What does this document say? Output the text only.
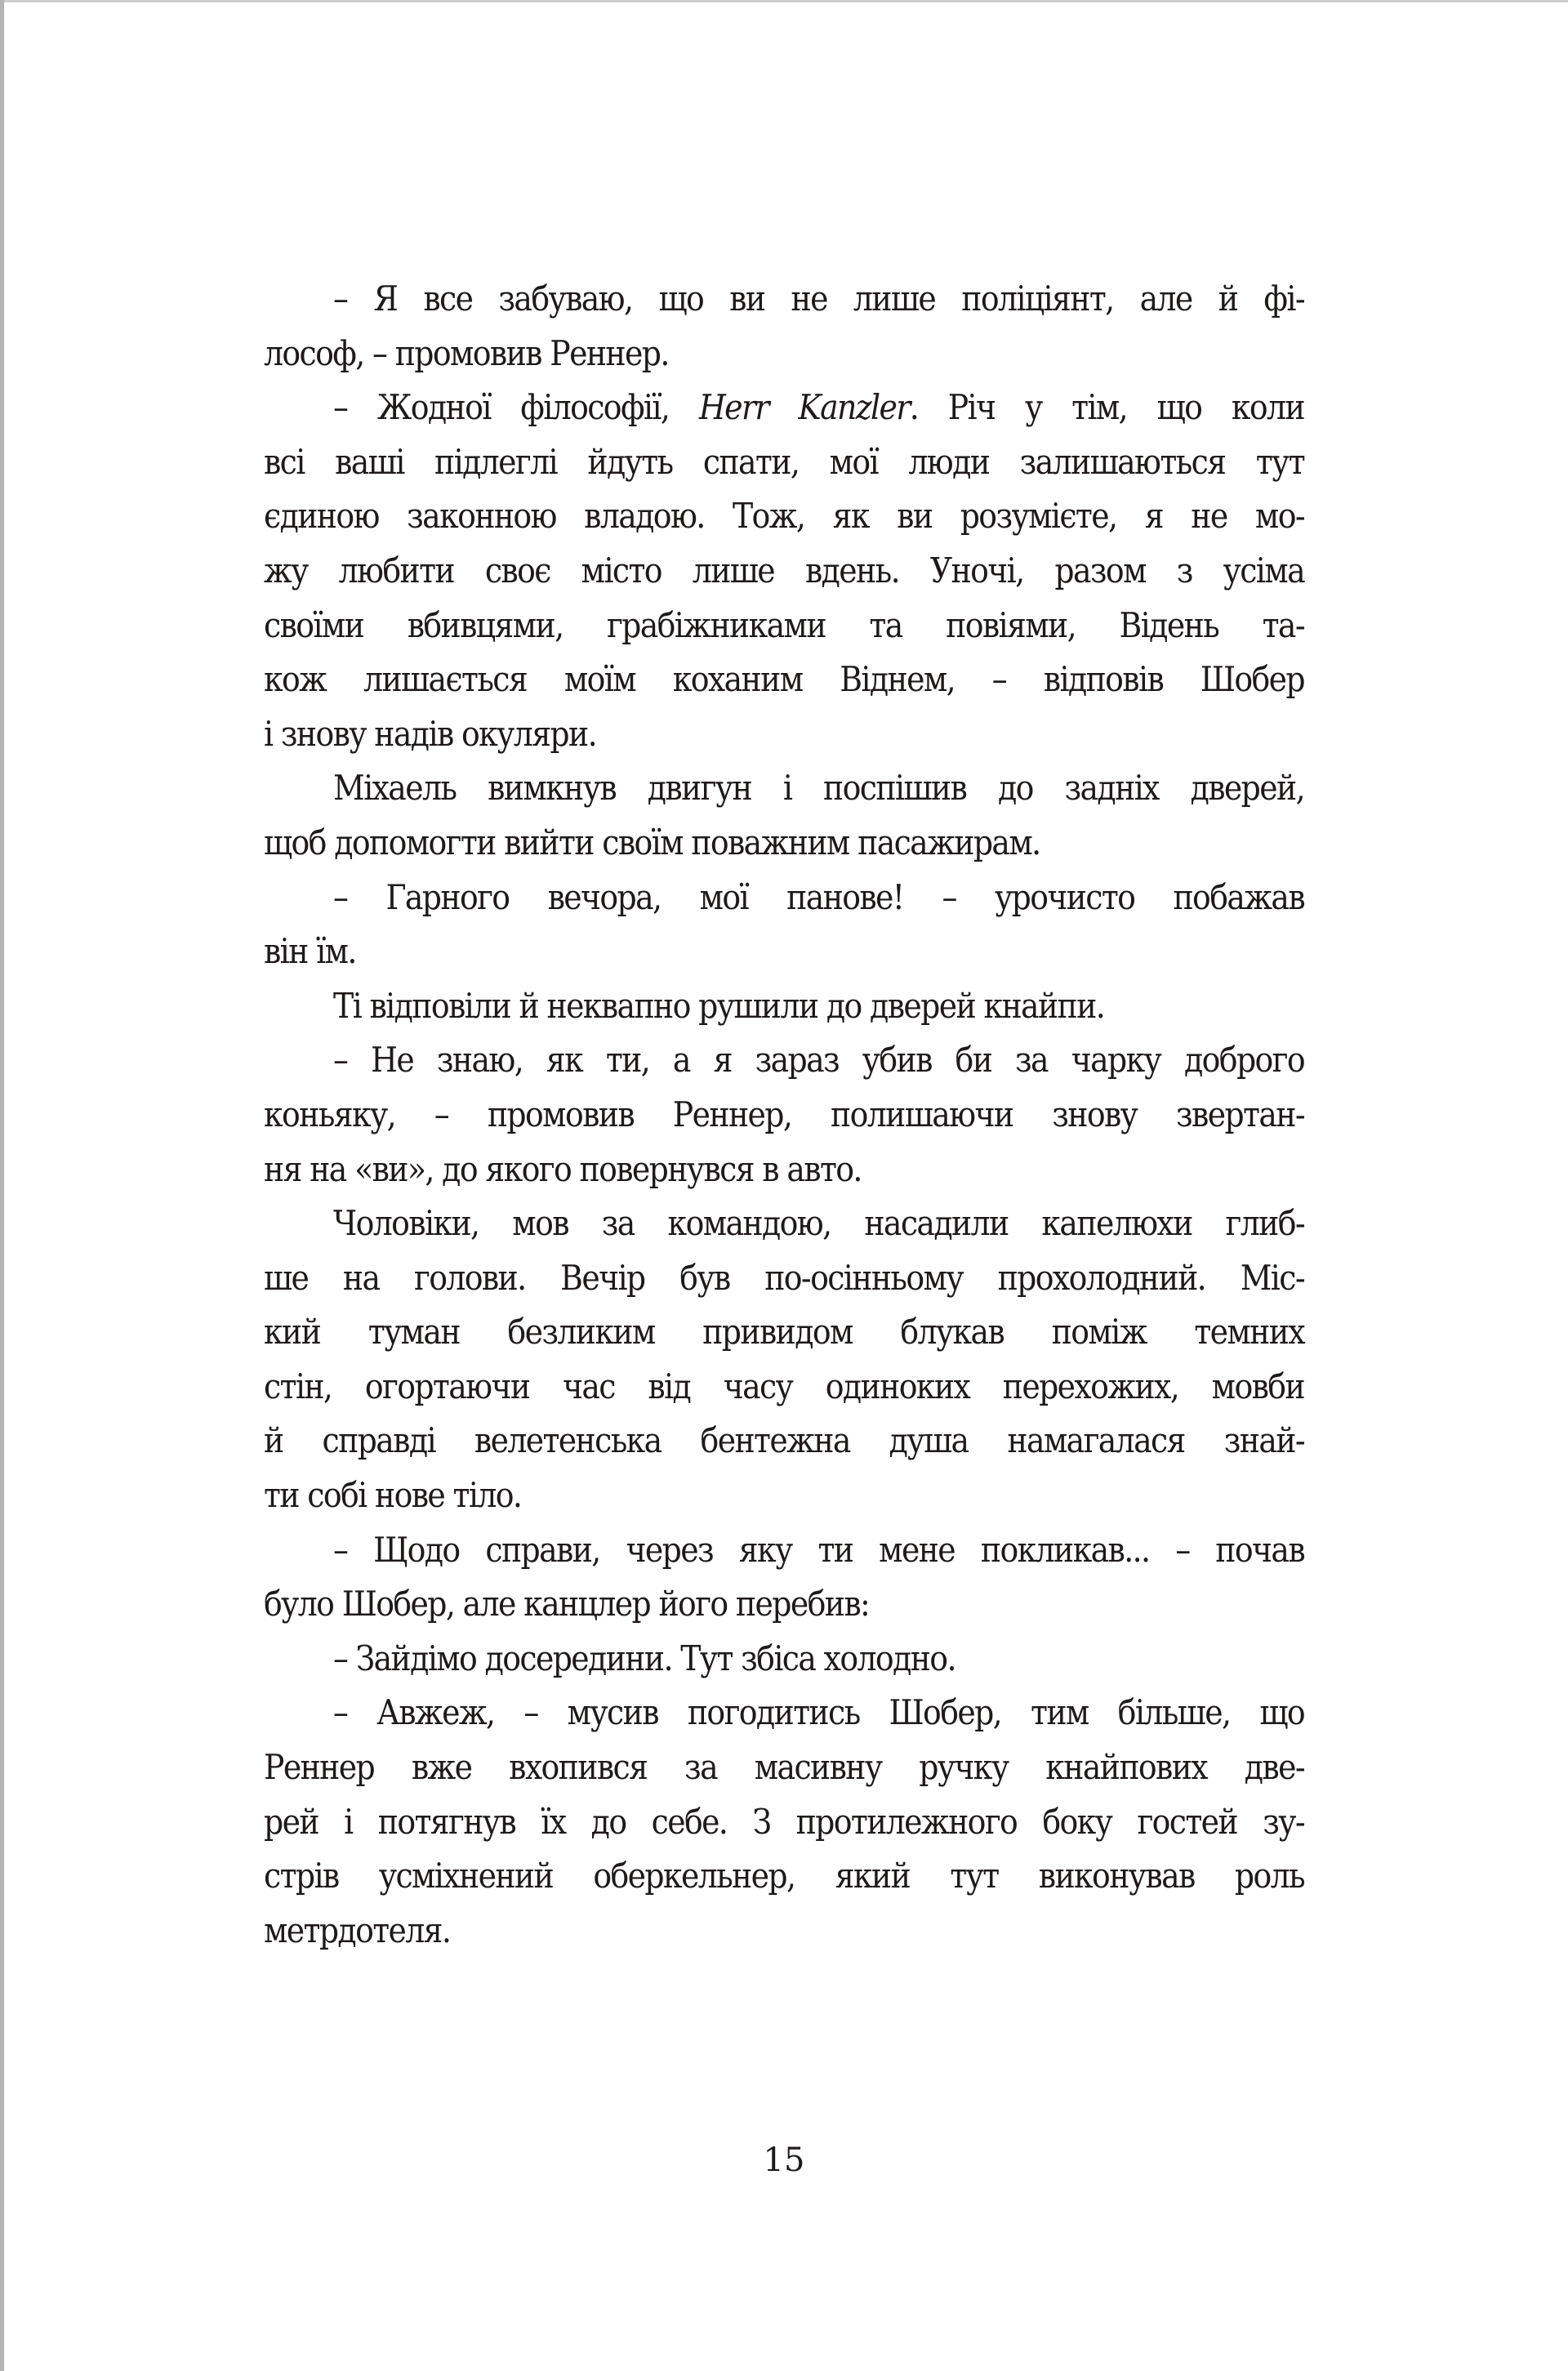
– Я все забуваю, що ви не лише поліціянт, але й фі-
лософ, – промовив Реннер.
– Жодної філософії, Herr Kanzler. Річ у тім, що коли
всі ваші підлеглі йдуть спати, мої люди залишаються тут
єдиною законною владою. Тож, як ви розумієте, я не мо-
жу любити своє місто лише вдень. Уночі, разом з усіма
своїми вбивцями, грабіжниками та повіями, Відень та-
кож лишається моїм коханим Віднем, – відповів Шобер
і знову надів окуляри.
Міхаель вимкнув двигун і поспішив до задніх дверей,
щоб допомогти вийти своїм поважним пасажирам.
– Гарного вечора, мої панове! – урочисто побажав
він їм.
Ті відповіли й неквапно рушили до дверей кнайпи.
– Не знаю, як ти, а я зараз убив би за чарку доброго
коньяку, – промовив Реннер, полишаючи знову звертан-
ня на «ви», до якого повернувся в авто.
Чоловіки, мов за командою, насадили капелюхи глиб-
ше на голови. Вечір був по-осінньому прохолодний. Міс-
кий туман безликим привидом блукав поміж темних
стін, огортаючи час від часу одиноких перехожих, мовби
й справді велетенська бентежна душа намагалася знай-
ти собі нове тіло.
– Щодо справи, через яку ти мене покликав... – почав
було Шобер, але канцлер його перебив:
– Зайдімо досередини. Тут збіса холодно.
– Авжеж, – мусив погодитись Шобер, тим більше, що
Реннер вже вхопився за масивну ручку кнайпових две-
рей і потягнув їх до себе. З протилежного боку гостей зу-
стрів усміхнений оберкельнер, який тут виконував роль
метрдотеля.
15
